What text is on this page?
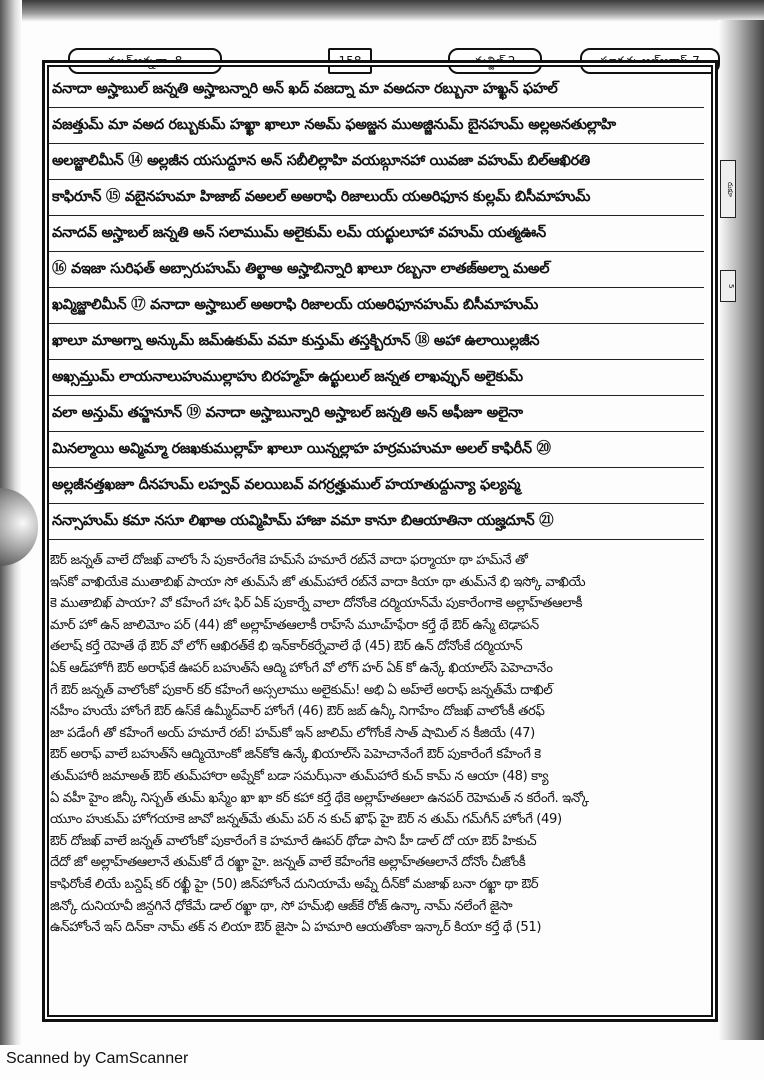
వలవ్అన్ననా. 8	158	మన్జిల్ 2	సూరతు అల్అరాఫ్ 7
వనాదా అస్హాబుల్ జన్నతి అస్హాబన్నారి అన్ ఖద్ వజద్నా మా వఅదనా రబ్బునా హఖ్ఖన్ ఫహల్
వజత్తుమ్ మా వఅద రబ్బుకుమ్ హఖ్ఖా ఖాలూ నఅమ్ ఫఅజ్జన ముఅజ్జినుమ్ బైనహుమ్ అల్లఅనతుల్లాహి
అలజ్జాలిమీన్ ⑭ అల్లజీన యసుద్దూన అన్ సబీలిల్లాహి వయబ్గూనహా యివజా వహుమ్ బిల్ఆఖిరతి
కాఫిరూన్ ⑮ వబైనహుమా హిజాబ్ వఅలల్ అఅరాఫి రిజాలుయ్ యఅరిఫూన కుల్లమ్ బిసీమాహుమ్
వనాదవ్ అస్హాబల్ జన్నతి అన్ సలాముమ్ అలైకుమ్ లమ్ యద్ఖులూహా వహుమ్ యత్మఊన్
⑯ వఇజా సురిఫత్ అబ్సారుహుమ్ తిల్ఖాఅ అస్హాబిన్నారి ఖాలూ రబ్బనా లాతజ్అల్నా మఅల్
ఖవ్మిజ్జాలిమీన్ ⑰ వనాదా అస్హాబుల్ అఅరాఫి రిజాలయ్ యఅరిఫూనహుమ్ బిసీమాహుమ్
ఖాలూ మాఅగ్నా అన్కుమ్ జమ్ఉకుమ్ వమా కున్తుమ్ తస్తక్బిరూన్ ⑱ అహా ఉలాయిల్లజీన
అఖ్సమ్తుమ్ లాయనాలుహుముల్లాహు బిరహ్మహ్ ఉద్ఖులుల్ జన్నత లాఖవ్ఫున్ అలైకుమ్
వలా అన్తుమ్ తహ్జనూన్ ⑲ వనాదా అస్హాబున్నారి అస్హాబల్ జన్నతి అన్ అఫీజూ అలైనా
మినల్మాయి అవ్మిమ్మా రజఖకుముల్లాహ్ ఖాలూ యిన్నల్లాహ హర్రమహుమా అలల్ కాఫిరీన్ ⑳
అల్లజీనత్తఖజూ దీనహుమ్ లహ్వవ్ వలయిబవ్ వగర్రత్హుముల్ హయాతుద్దున్యా ఫల్యవ్మ
నన్సాహుమ్ కమా నసూ లిఖాఅ యవ్మిహిమ్ హాజా వమా కానూ బిఆయాతినా యజ్హదూన్ ㉑
ఔర్ జన్నత్ వాలే దోజఖ్ వాలోం సే పుకారేంగేకె హమ్‌సే హమారే రబ్‌నే వాదా ఫర్మాయా థా హమ్‌నే తో
ఇస్‌కో వాఖియేకె ముతాబిఖ్ పాయా సో తుమ్‌సే జో తుమ్‌హారే రబ్‌నే వాదా కియా థా తుమ్‌నే భి ఇస్కో వాఖియే
కె ముతాబిఖ్ పాయా? వో కహేంగే హాఁ ఫిర్ ఏక్ పుకార్నే వాలా దోనోంకె దర్మియాన్‌మే పుకారేంగాకె అల్లాహ్‌తఆలాకీ
మార్ హో ఉన్ జాలిమోం పర్ (44) జో అల్లాహ్‌తఆలాకీ రాహ్‌సే మూఁహ్‌ఫేరా కర్తే థే ఔర్ ఉస్మే టెఢాపన్
తలాష్ కర్తే రెహెతే థే ఔర్ వో లోగ్ ఆఖిరత్‌కే భి ఇన్‌కార్‌కర్నేవాలే థే (45) ఔర్ ఉన్ దోనోంకే దర్మియాన్
ఏక్ ఆడ్‌హోగీ ఔర్ అరాఫ్‌కే ఊపర్ బహుత్‌సే ఆద్మి హోంగే వో లోగ్ హర్ ఏక్ కో ఉన్కే ఖియాల్‌సే పెహెచానేం
గే ఔర్ జన్నత్ వాలోంకో పుకార్ కర్ కహేంగే అస్సలాము అలైకుమ్! అభి ఏ అహ్‌లే అరాఫ్ జన్నత్‌మే దాఖిల్
నహీం హుయే హోంగే ఔర్ ఉస్‌కే ఉమ్మీద్‌వార్ హోంగే (46) ఔర్ జబ్ ఉన్కీ నిగాహేం దోజఖ్ వాలోంకీ తరఫ్
జా పడేంగీ తో కహేంగే అయ్ హమారే రబ్! హమ్‌కో ఇన్ జాలిమ్ లోగోంకే సాత్ షామిల్ న కీజియే (47)
ఔర్ అరాఫ్ వాలే బహుత్‌సే ఆద్మియోంకో జిన్‌కోకె ఉన్కే ఖియాల్‌సే పెహెచానేంగే ఔర్ పుకారేంగే కహేంగే కె
తుమ్‌హారీ జమాఅత్ ఔర్ తుమ్‌హారా అప్నేకో బడా సమఝ్‌నా తుమ్‌హారే కుచ్ కామ్ న ఆయా (48) క్యా
ఏ వహీ హైం జిన్కీ నిస్బత్ తుమ్ ఖస్మేం ఖా ఖా కర్ కహా కర్తే థేకె అల్లాహ్‌తఆలా ఉనపర్ రెహెమత్ న కరేంగే. ఇన్కో
యూం హుకుమ్ హోగయాకె జావో జన్నత్‌మే తుమ్ పర్ న కుచ్ ఖౌఫ్ హై ఔర్ న తుమ్ గమ్‌గీన్ హోంగే (49)
ఔర్ దోజఖ్ వాలే జన్నత్ వాలోంకో పుకారేంగే కె హమారే ఊపర్ థోడా పాని హీ డాల్ దో యా ఔర్ హికుచ్
దేదో జో అల్లాహ్‌తఆలానే తుమ్‌కో దే రఖ్ఖా హై. జన్నత్ వాలే కెహేంగేకె అల్లాహ్‌తఆలానే దోనోం చీజోంకీ
కాఫిరోంకే లియే బన్దిష్ కర్ రఖ్ఖీ హై (50) జిన్‌హోంనే దునియామే అప్నే దీన్‌కో మజాఖ్ బనా రఖ్ఖా థా ఔర్
జిన్కో దునియావీ జిన్దగినే ధోకేమే డాల్ రఖ్ఖా థా, సో హమ్‌భి ఆజ్‌కే రోజ్ ఉన్కా నామ్ నలేంగే జైసా
ఉన్‌హోంనే ఇస్ దిన్‌కా నామ్ తక్ న లియా ఔర్ జైసా ఏ హమారి ఆయతోంకా ఇన్కార్ కియా కర్తే థే (51)
రుకూ
5
Scanned by CamScanner
